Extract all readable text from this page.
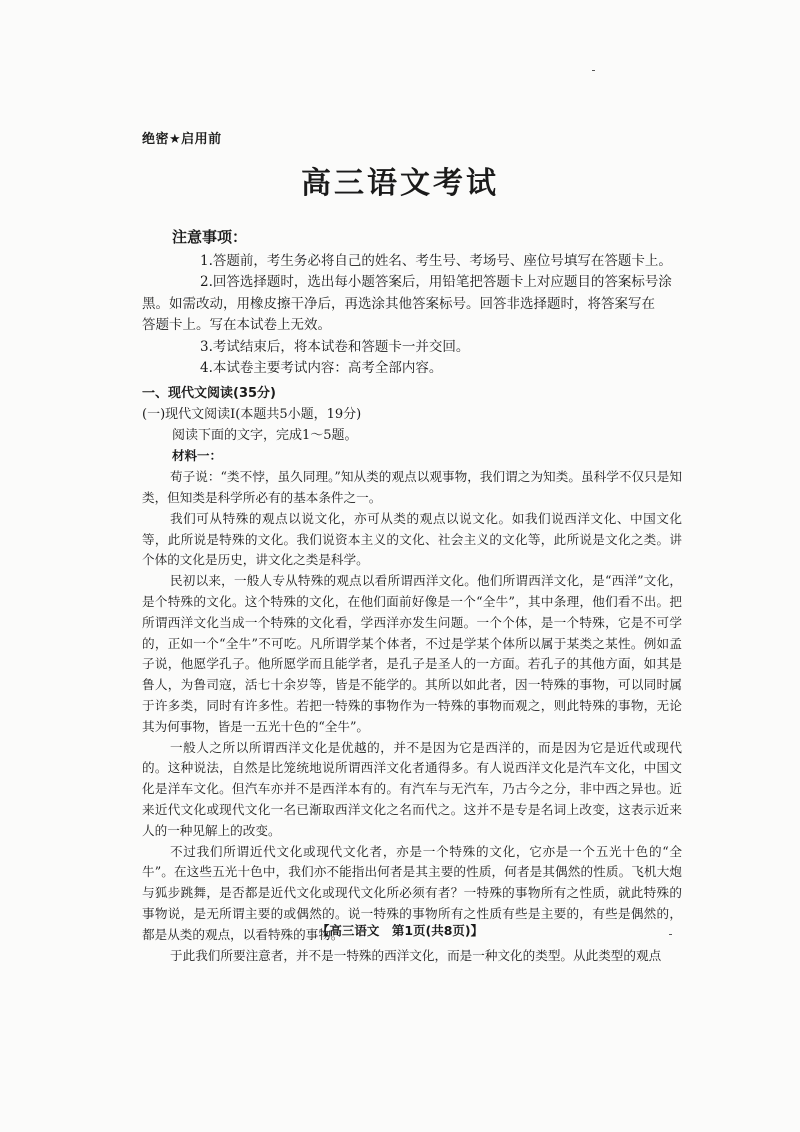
绝密★启用前
高三语文考试
注意事项：

1.答题前，考生务必将自己的姓名、考生号、考场号、座位号填写在答题卡上。

2.回答选择题时，选出每小题答案后，用铅笔把答题卡上对应题目的答案标号涂

黑。如需改动，用橡皮擦干净后，再选涂其他答案标号。回答非选择题时，将答案写在

答题卡上。写在本试卷上无效。

3.考试结束后，将本试卷和答题卡一并交回。

4.本试卷主要考试内容：高考全部内容。

一、现代文阅读(35分)

(一)现代文阅读Ⅰ(本题共5小题，19分)

阅读下面的文字，完成1～5题。

材料一：

荀子说：“类不悖，虽久同理。”知从类的观点以观事物，我们谓之为知类。虽科学不仅只是知类，但知类是科学所必有的基本条件之一。

我们可从特殊的观点以说文化，亦可从类的观点以说文化。如我们说西洋文化、中国文化等，此所说是特殊的文化。我们说资本主义的文化、社会主义的文化等，此所说是文化之类。讲个体的文化是历史，讲文化之类是科学。

民初以来，一般人专从特殊的观点以看所谓西洋文化。他们所谓西洋文化，是“西洋”文化，是个特殊的文化。这个特殊的文化，在他们面前好像是一个“全牛”，其中条理，他们看不出。把所谓西洋文化当成一个特殊的文化看，学西洋亦发生问题。一个个体，是一个特殊，它是不可学的，正如一个“全牛”不可吃。凡所谓学某个体者，不过是学某个体所以属于某类之某性。例如孟子说，他愿学孔子。他所愿学而且能学者，是孔子是圣人的一方面。若孔子的其他方面，如其是鲁人，为鲁司寇，活七十余岁等，皆是不能学的。其所以如此者，因一特殊的事物，可以同时属于许多类，同时有许多性。若把一特殊的事物作为一特殊的事物而观之，则此特殊的事物，无论其为何事物，皆是一五光十色的“全牛”。

一般人之所以所谓西洋文化是优越的，并不是因为它是西洋的，而是因为它是近代或现代的。这种说法，自然是比笼统地说所谓西洋文化者通得多。有人说西洋文化是汽车文化，中国文化是洋车文化。但汽车亦并不是西洋本有的。有汽车与无汽车，乃古今之分，非中西之异也。近来近代文化或现代文化一名已渐取西洋文化之名而代之。这并不是专是名词上改变，这表示近来人的一种见解上的改变。

不过我们所谓近代文化或现代文化者，亦是一个特殊的文化，它亦是一个五光十色的“全牛”。在这些五光十色中，我们亦不能指出何者是其主要的性质，何者是其偶然的性质。飞机大炮与狐步跳舞，是否都是近代文化或现代文化所必须有者？一特殊的事物所有之性质，就此特殊的事物说，是无所谓主要的或偶然的。说一特殊的事物所有之性质有些是主要的，有些是偶然的，都是从类的观点，以看特殊的事物。

于此我们所要注意者，并不是一特殊的西洋文化，而是一种文化的类型。从此类型的观点

【高三语文　第1页(共8页)】
